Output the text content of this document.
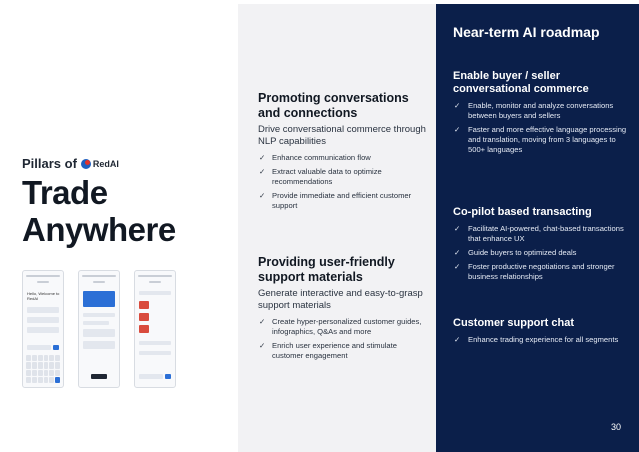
Pillars of RedAI
Trade
Anywhere
Hello, Welcome to RedAI
Promoting conversations and connections
Drive conversational commerce through NLP capabilities
✓ Enhance communication flow
✓ Extract valuable data to optimize recommendations
✓ Provide immediate and efficient customer support
Providing user-friendly support materials
Generate interactive and easy-to-grasp support materials
✓ Create hyper-personalized customer guides, infographics, Q&As and more
✓ Enrich user experience and stimulate customer engagement
Near-term AI roadmap
Enable buyer / seller conversational commerce
✓ Enable, monitor and analyze conversations between buyers and sellers
✓ Faster and more effective language processing and translation, moving from 3 languages to 500+ languages
Co-pilot based transacting
✓ Facilitate AI-powered, chat-based transactions that enhance UX
✓ Guide buyers to optimized deals
✓ Foster productive negotiations and stronger business relationships
Customer support chat
✓ Enhance trading experience for all segments
30
